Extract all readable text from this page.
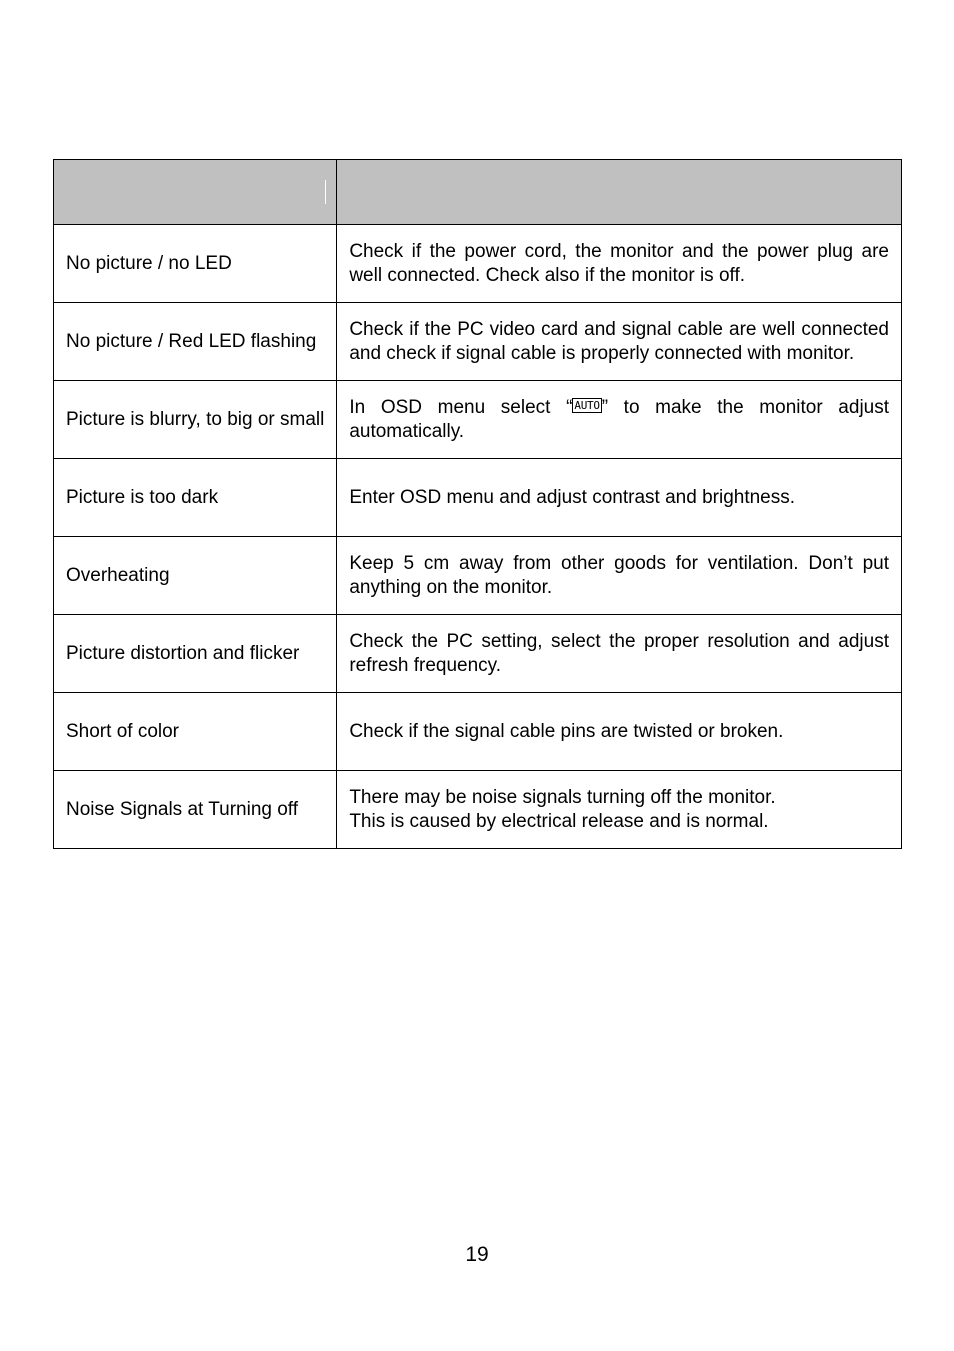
No picture / no LED	Check if the power cord, the monitor and the power plug are well connected. Check also if the monitor is off.
No picture / Red LED flashing	Check if the PC video card and signal cable are well connected and check if signal cable is properly connected with monitor.
Picture is blurry, to big or small	In OSD menu select “ AUTO ” to make the monitor adjust automatically.
Picture is too dark	Enter OSD menu and adjust contrast and brightness.
Overheating	Keep 5 cm away from other goods for ventilation. Don’t put anything on the monitor.
Picture distortion and flicker	Check the PC setting, select the proper resolution and adjust refresh frequency.
Short of color	Check if the signal cable pins are twisted or broken.
Noise Signals at Turning off	There may be noise signals turning off the monitor.
This is caused by electrical release and is normal.
19
